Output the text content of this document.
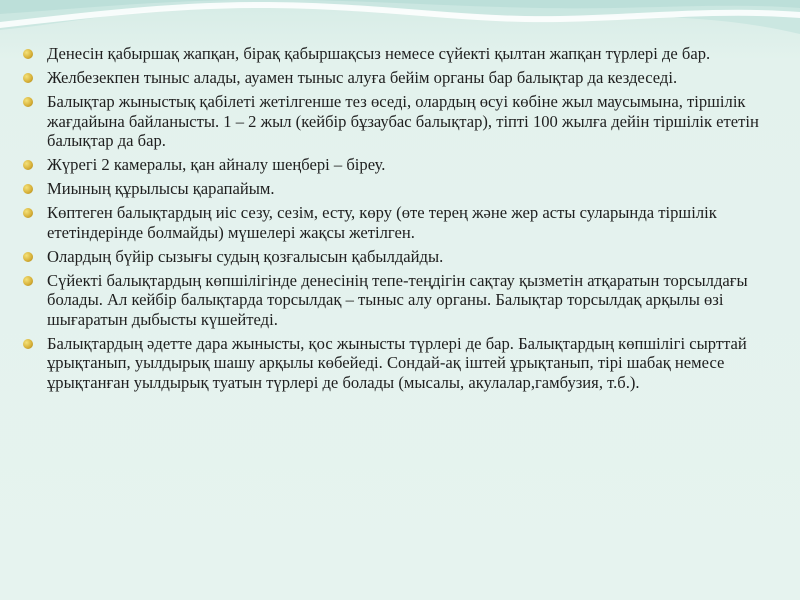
Денесін қабыршақ жапқан, бірақ қабыршақсыз немесе сүйекті қылтан жапқан түрлері де бар.
Желбезекпен тыныс алады, ауамен тыныс алуға бейім органы бар балықтар да кездеседі.
Балықтар жыныстық қабілеті жетілгенше тез өседі, олардың өсуі көбіне жыл маусымына, тіршілік жағдайына байланысты. 1 – 2 жыл (кейбір бұзаубас балықтар), тіпті 100 жылға дейін тіршілік ететін балықтар да бар.
Жүрегі 2 камералы, қан айналу шеңбері – біреу.
Миының құрылысы қарапайым.
Көптеген балықтардың иіс сезу, сезім, есту, көру (өте терең және жер асты суларында тіршілік ететіндерінде болмайды) мүшелері жақсы жетілген.
Олардың бүйір сызығы судың қозғалысын қабылдайды.
Сүйекті балықтардың көпшілігінде денесінің тепе-теңдігін сақтау қызметін атқаратын торсылдағы болады. Ал кейбір балықтарда торсылдақ – тыныс алу органы. Балықтар торсылдақ арқылы өзі шығаратын дыбысты күшейтеді.
Балықтардың әдетте дара жынысты, қос жынысты түрлері де бар. Балықтардың көпшілігі сырттай ұрықтанып, уылдырық шашу арқылы көбейеді. Сондай-ақ іштей ұрықтанып, тірі шабақ немесе ұрықтанған уылдырық туатын түрлері де болады (мысалы, акулалар,гамбузия, т.б.).
